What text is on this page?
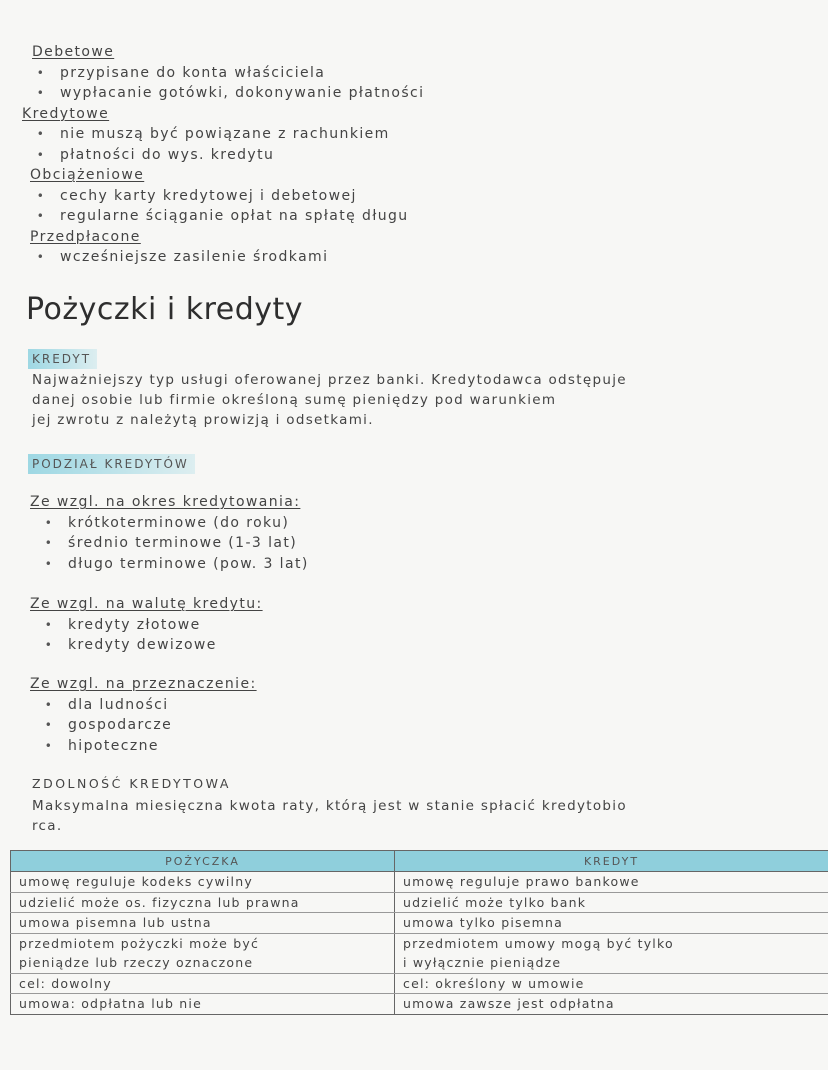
Debetowe
• przypisane do konta właściciela
• wypłacanie gotówki, dokonywanie płatności
Kredytowe
• nie muszą być powiązane z rachunkiem
• płatności do wys. kredytu
Obciążeniowe
• cechy karty kredytowej i debetowej
• regularne ściąganie opłat na spłatę długu
Przedpłacone
• wcześniejsze zasilenie środkami
Pożyczki i kredyty
KREDYT
Najważniejszy typ usługi oferowanej przez banki. Kredytodawca odstępuje
danej osobie lub firmie określoną sumę pieniędzy pod warunkiem
jej zwrotu z należytą prowizją i odsetkami.
PODZIAŁ KREDYTÓW
Ze wzgl. na okres kredytowania:
• krótkoterminowe (do roku)
• średnio terminowe (1-3 lat)
• długo terminowe (pow. 3 lat)
Ze wzgl. na walutę kredytu:
• kredyty złotowe
• kredyty dewizowe
Ze wzgl. na przeznaczenie:
• dla ludności
• gospodarcze
• hipoteczne
ZDOLNOŚĆ KREDYTOWA
Maksymalna miesięczna kwota raty, którą jest w stanie spłacić kredytobio
rca.
POŻYCZKA	KREDYT
umowę reguluje kodeks cywilny	umowę reguluje prawo bankowe
udzielić może os. fizyczna lub prawna	udzielić może tylko bank
umowa pisemna lub ustna	umowa tylko pisemna
przedmiotem pożyczki może być	przedmiotem umowy mogą być tylko
pieniądze lub rzeczy oznaczone	i wyłącznie pieniądze
cel: dowolny	cel: określony w umowie
umowa: odpłatna lub nie	umowa zawsze jest odpłatna
